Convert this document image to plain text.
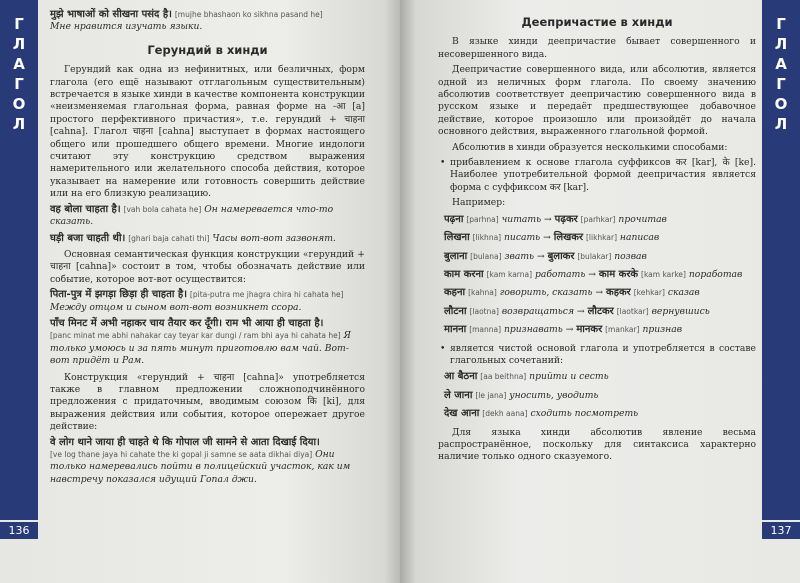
Г
Л
А
Г
О
Л
136
मुझे भाषाओं को सीखना पसंद है। [mujhe bhashaon ko sikhna pasand he]
Мне нравится изучать языки.
Герундий в хинди

Герундий как одна из нефинитных, или безличных, форм глагола (его ещё называют отглагольным существительным) встречается в языке хинди в качестве компонента конструкции «неизменяемая глагольная форма, равная форме на -आ [а] простого перфективного причастия», т.е. герундий + चाहना [cahna]. Глагол चाहना [cahna] выступает в формах настоящего общего или прошедшего общего времени. Многие индологи считают эту конструкцию средством выражения намерительного или желательного способа действия, которое указывает на намерение или готовность совершить действие или на его близкую реализацию.

वह बोला चाहता है। [vah bola cahata he] Он намеревается что-то сказать.
घड़ी बजा चाहती थी। [ghari baja cahati thi] Часы вот-вот зазвонят.

Основная семантическая функция конструкции «герундий + चाहना [cahna]» состоит в том, чтобы обозначать действие или событие, которое вот-вот осуществится:

पिता-पुत्र में झगड़ा छिड़ा ही चाहता है। [pita-putra me jhagra chira hi cahata he] Между отцом и сыном вот-вот возникнет ссора.
पाँच मिनट में अभी नहाकर चाय तैयार कर दूँगी। राम भी आया ही चाहता है।
[panc minat me abhi nahakar cay teyar kar dungi / ram bhi aya hi cahata he] Я только умоюсь и за пять минут приготовлю вам чай. Вот-вот придёт и Рам.

Конструкция «герундий + चाहना [cahna]» употребляется также в главном предложении сложноподчинённого предложения с придаточным, вводимым союзом कि [ki], для выражения действия или события, которое опережает другое действие:

वे लोग थाने जाया ही चाहते थे कि गोपाल जी सामने से आता दिखाई दिया।
[ve log thane jaya hi cahate the ki gopal ji samne se aata dikhai diya] Они только намеревались пойти в полицейский участок, как им навстречу показался идущий Гопал джи.
Г
Л
А
Г
О
Л
137
Деепричастие в хинди

В языке хинди деепричастие бывает совершенного и несовершенного вида.

Деепричастие совершенного вида, или абсолютив, является одной из неличных форм глагола. По своему значению абсолютив соответствует деепричастию совершенного вида в русском языке и передаёт предшествующее добавочное действие, которое произошло или произойдёт до начала основного действия, выраженного глагольной формой.

Абсолютив в хинди образуется несколькими способами:

• прибавлением к основе глагола суффиксов कर [kar], के [ke]. Наиболее употребительной формой деепричастия является форма с суффиксом कर [kar].

Например:

पढ़ना [parhna] читать → पढ़कर [parhkar] прочитав
लिखना [likhna] писать → लिखकर [likhkar] написав
बुलाना [bulana] звать → बुलाकर [bulakar] позвав
काम करना [kam karna] работать → काम करके [kam karke] поработав
कहना [kahna] говорить, сказать → कहकर [kehkar] сказав
लौटना [laotna] возвращаться → लौटकर [laotkar] вернувшись
मानना [manna] признавать → मानकर [mankar] признав

• является чистой основой глагола и употребляется в составе глагольных сочетаний:

आ बैठना [aa beithna] прийти и сесть
ले जाना [le jana] уносить, уводить
देख आना [dekh aana] сходить посмотреть

Для языка хинди абсолютив явление весьма распространённое, поскольку для синтаксиса характерно наличие только одного сказуемого.
